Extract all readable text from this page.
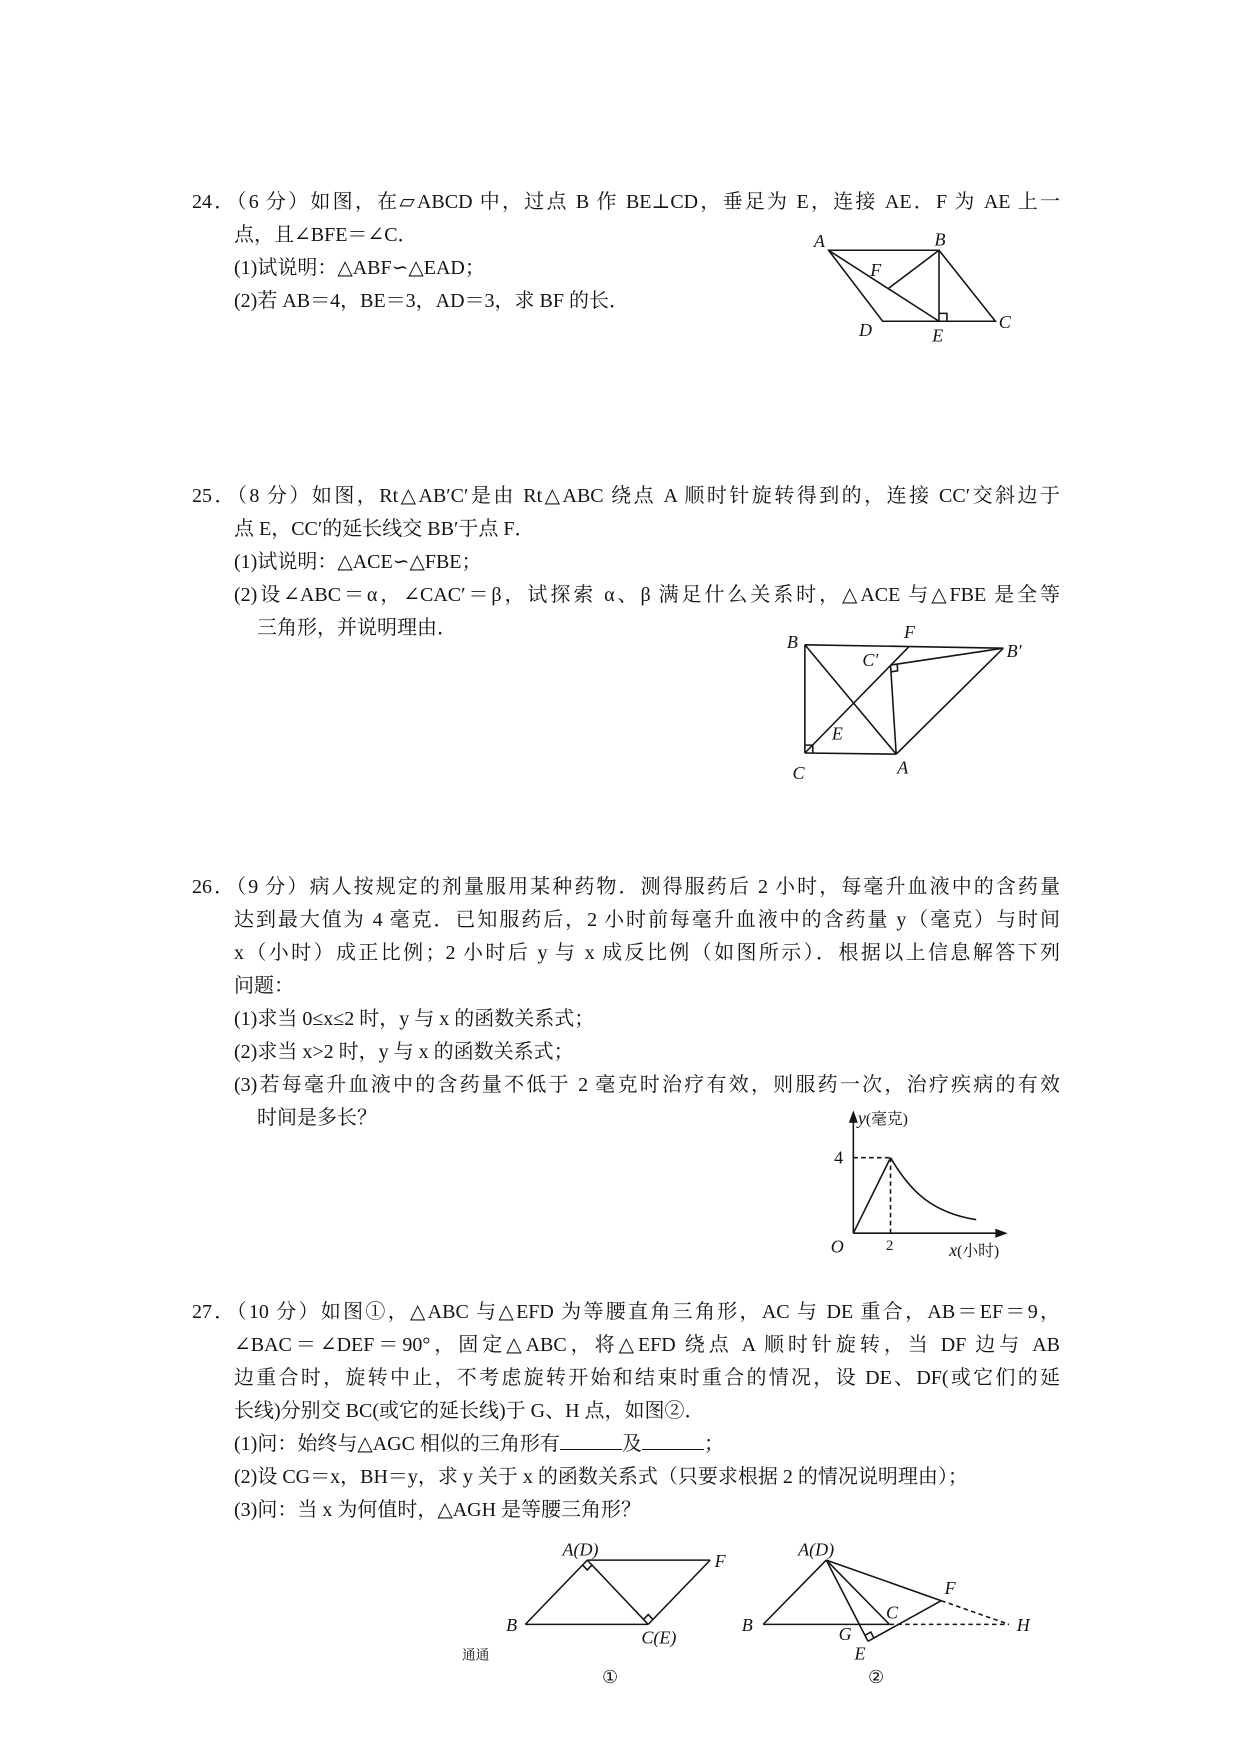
24．（6 分）如图，在▱ABCD 中，过点 B 作 BE⊥CD，垂足为 E，连接 AE．F 为 AE 上一
点，且∠BFE＝∠C．
(1)试说明：△ABF∽△EAD；
(2)若 AB＝4，BE＝3，AD＝3，求 BF 的长．
25．（8 分）如图，Rt△AB′C′是由 Rt△ABC 绕点 A 顺时针旋转得到的，连接 CC′交斜边于
点 E，CC′的延长线交 BB′于点 F．
(1)试说明：△ACE∽△FBE；
(2)设∠ABC＝α，∠CAC′＝β，试探索 α、β 满足什么关系时，△ACE 与△FBE 是全等
三角形，并说明理由．
26．（9 分）病人按规定的剂量服用某种药物．测得服药后 2 小时，每毫升血液中的含药量
达到最大值为 4 毫克．已知服药后，2 小时前每毫升血液中的含药量 y（毫克）与时间
x（小时）成正比例；2 小时后 y 与 x 成反比例（如图所示）．根据以上信息解答下列
问题：
(1)求当 0≤x≤2 时，y 与 x 的函数关系式；
(2)求当 x>2 时，y 与 x 的函数关系式；
(3)若每毫升血液中的含药量不低于 2 毫克时治疗有效，则服药一次，治疗疾病的有效
时间是多长？
27．（10 分）如图①，△ABC 与△EFD 为等腰直角三角形，AC 与 DE 重合，AB＝EF＝9，
∠BAC＝∠DEF＝90°，固定△ABC，将△EFD 绕点 A 顺时针旋转，当 DF 边与 AB
边重合时，旋转中止，不考虑旋转开始和结束时重合的情况，设 DE、DF(或它们的延
长线)分别交 BC(或它的延长线)于 G、H 点，如图②．
(1)问：始终与△AGC 相似的三角形有	及	；
(2)设 CG＝x，BH＝y，求 y 关于 x 的函数关系式（只要求根据 2 的情况说明理由）；
(3)问：当 x 为何值时，△AGH 是等腰三角形？
A	B
F
D	E
C
B
F
B′
C′
E
C	A
y(毫克)
x(小时)
4
O	2
A(D)
F
B
C(E)
通通
①
A(D)
B	G
C
E
F
H
②
